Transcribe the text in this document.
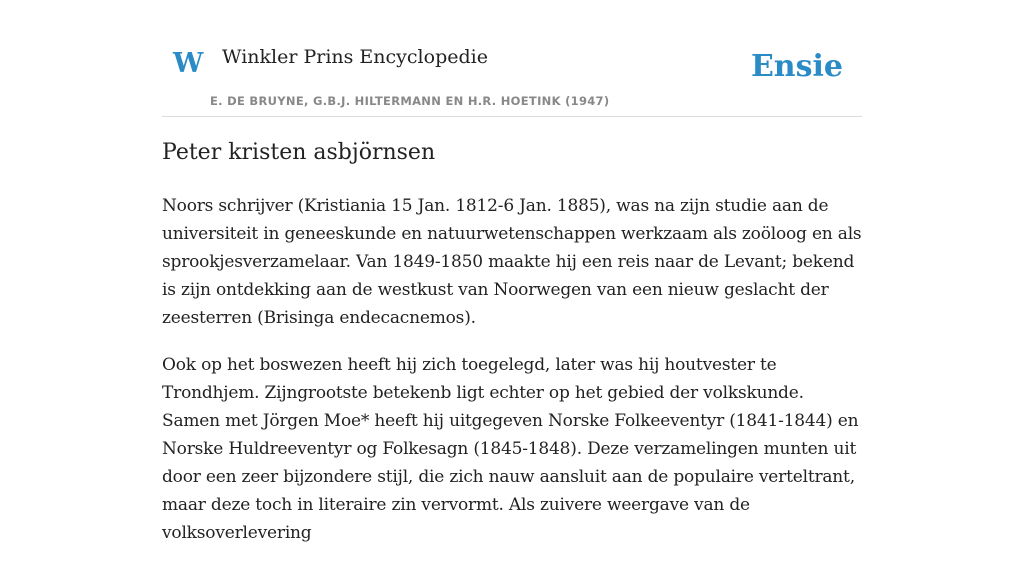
W Winkler Prins Encyclopedie
E. DE BRUYNE, G.B.J. HILTERMANN EN H.R. HOETINK (1947)
Ensie
Peter kristen asbjörnsen

Noors schrijver (Kristiania 15 Jan. 1812-6 Jan. 1885), was na zijn studie aan de universiteit in geneeskunde en natuurwetenschappen werkzaam als zoöloog en als sprookjesverzamelaar. Van 1849-1850 maakte hij een reis naar de Levant; bekend is zijn ontdekking aan de westkust van Noorwegen van een nieuw geslacht der zeesterren (Brisinga endecacnemos).

Ook op het boswezen heeft hij zich toegelegd, later was hij houtvester te Trondhjem. Zijngrootste betekenb ligt echter op het gebied der volkskunde. Samen met Jörgen Moe* heeft hij uitgegeven Norske Folkeeventyr (1841-1844) en Norske Huldreeventyr og Folkesagn (1845-1848). Deze verzamelingen munten uit door een zeer bijzondere stijl, die zich nauw aansluit aan de populaire verteltrant, maar deze toch in literaire zin vervormt. Als zuivere weergave van de volksoverlevering
